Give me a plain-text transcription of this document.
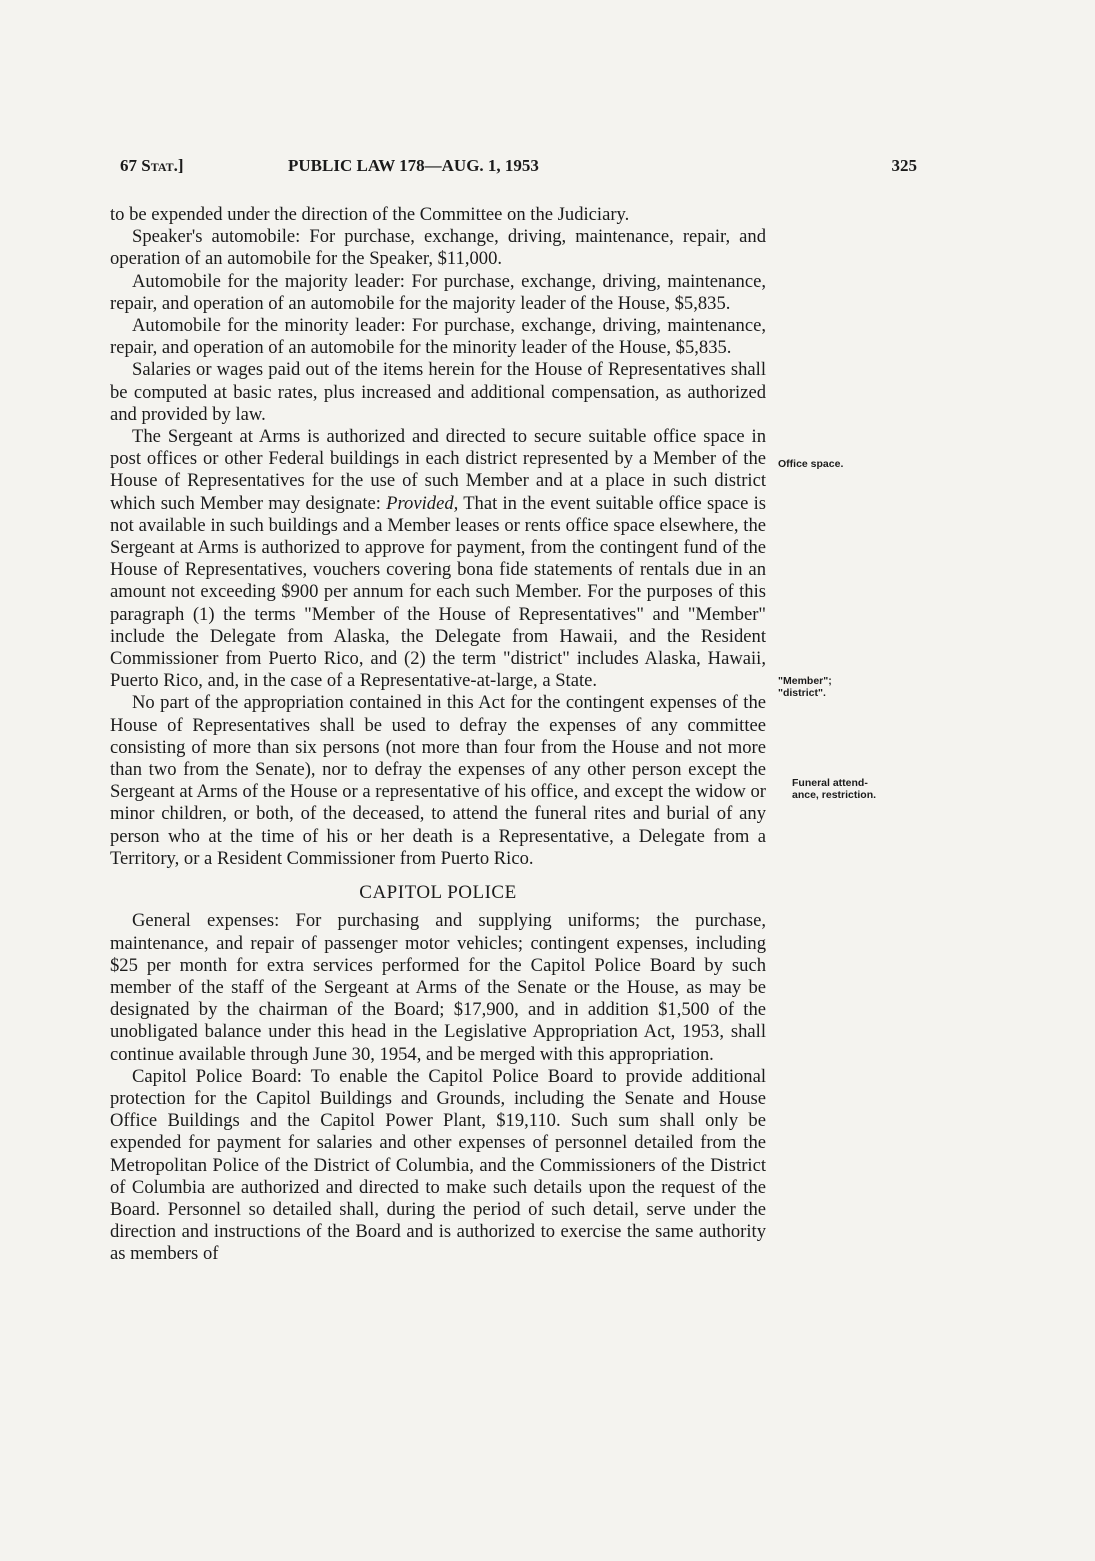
67 Stat.]	PUBLIC LAW 178—AUG. 1, 1953	325

to be expended under the direction of the Committee on the Judiciary.

Speaker's automobile: For purchase, exchange, driving, maintenance, repair, and operation of an automobile for the Speaker, $11,000.

Automobile for the majority leader: For purchase, exchange, driving, maintenance, repair, and operation of an automobile for the majority leader of the House, $5,835.

Automobile for the minority leader: For purchase, exchange, driving, maintenance, repair, and operation of an automobile for the minority leader of the House, $5,835.

Salaries or wages paid out of the items herein for the House of Representatives shall be computed at basic rates, plus increased and additional compensation, as authorized and provided by law.

The Sergeant at Arms is authorized and directed to secure suitable office space in post offices or other Federal buildings in each district represented by a Member of the House of Representatives for the use of such Member and at a place in such district which such Member may designate: Provided, That in the event suitable office space is not available in such buildings and a Member leases or rents office space elsewhere, the Sergeant at Arms is authorized to approve for payment, from the contingent fund of the House of Representatives, vouchers covering bona fide statements of rentals due in an amount not exceeding $900 per annum for each such Member. For the purposes of this paragraph (1) the terms "Member of the House of Representatives" and "Member" include the Delegate from Alaska, the Delegate from Hawaii, and the Resident Commissioner from Puerto Rico, and (2) the term "district" includes Alaska, Hawaii, Puerto Rico, and, in the case of a Representative-at-large, a State.

No part of the appropriation contained in this Act for the contingent expenses of the House of Representatives shall be used to defray the expenses of any committee consisting of more than six persons (not more than four from the House and not more than two from the Senate), nor to defray the expenses of any other person except the Sergeant at Arms of the House or a representative of his office, and except the widow or minor children, or both, of the deceased, to attend the funeral rites and burial of any person who at the time of his or her death is a Representative, a Delegate from a Territory, or a Resident Commissioner from Puerto Rico.

CAPITOL POLICE

General expenses: For purchasing and supplying uniforms; the purchase, maintenance, and repair of passenger motor vehicles; contingent expenses, including $25 per month for extra services performed for the Capitol Police Board by such member of the staff of the Sergeant at Arms of the Senate or the House, as may be designated by the chairman of the Board; $17,900, and in addition $1,500 of the unobligated balance under this head in the Legislative Appropriation Act, 1953, shall continue available through June 30, 1954, and be merged with this appropriation.

Capitol Police Board: To enable the Capitol Police Board to provide additional protection for the Capitol Buildings and Grounds, including the Senate and House Office Buildings and the Capitol Power Plant, $19,110. Such sum shall only be expended for payment for salaries and other expenses of personnel detailed from the Metropolitan Police of the District of Columbia, and the Commissioners of the District of Columbia are authorized and directed to make such details upon the request of the Board. Personnel so detailed shall, during the period of such detail, serve under the direction and instructions of the Board and is authorized to exercise the same authority as members of

Office space.
"Member";
"district".
Funeral attend-
ance, restriction.
